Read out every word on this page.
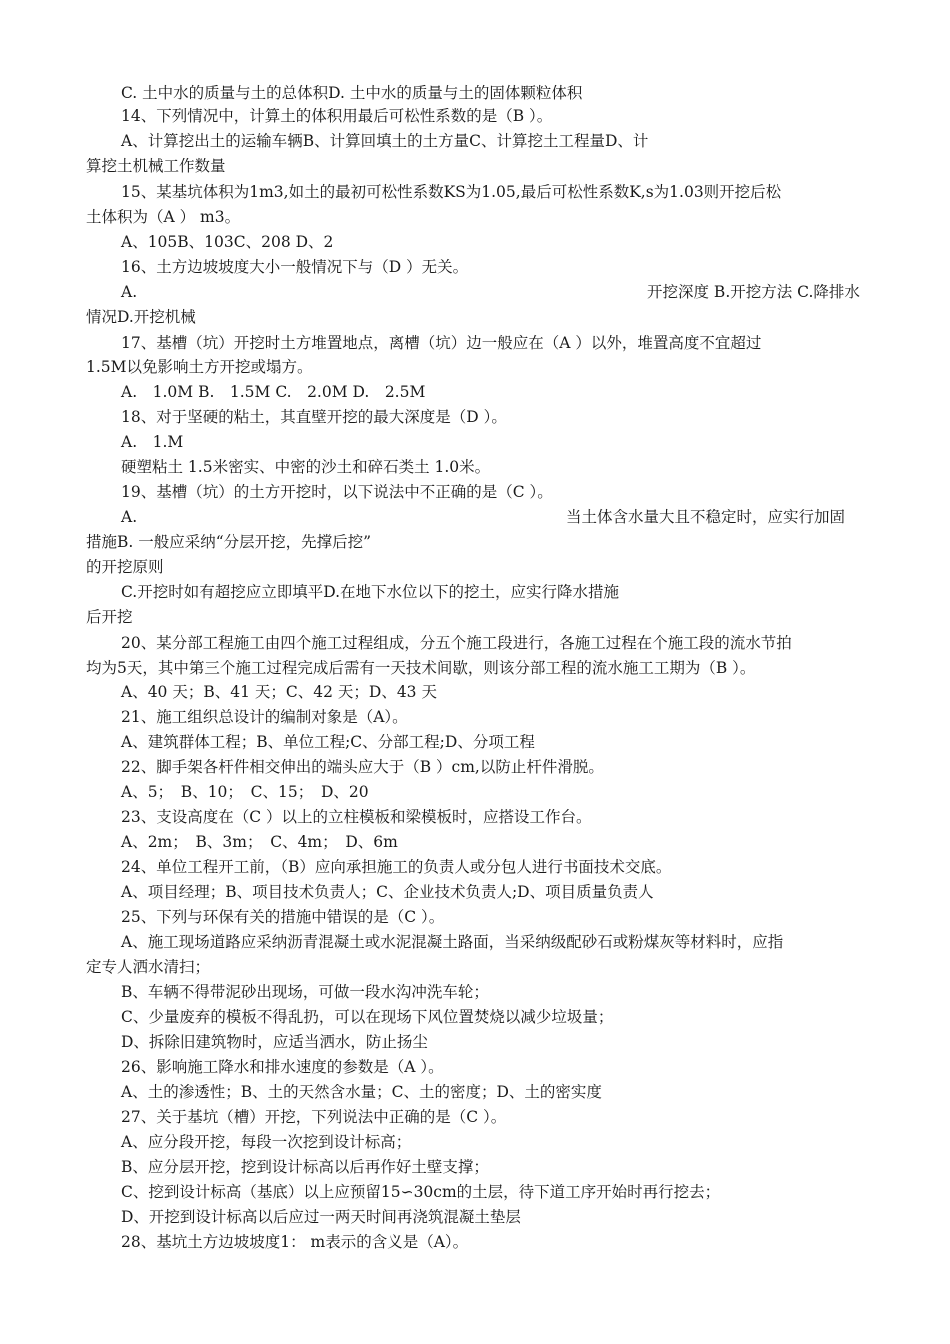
C. 土中水的质量与土的总体积D. 土中水的质量与土的固体颗粒体积
14、下列情况中，计算土的体积用最后可松性系数的是（B ）。
A、计算挖出土的运输车辆B、计算回填土的土方量C、计算挖土工程量D、计
算挖土机械工作数量
15、某基坑体积为1m3,如土的最初可松性系数KS为1.05,最后可松性系数K,s为1.03则开挖后松
土体积为（A ） m3。
A、105B、103C、208 D、2
16、土方边坡坡度大小一般情况下与（D ）无关。
A.	开挖深度 B.开挖方法 C.降排水
情况D.开挖机械
17、基槽（坑）开挖时土方堆置地点，离槽（坑）边一般应在（A ）以外，堆置高度不宜超过
1.5M以免影响土方开挖或塌方。
A.　1.0M B.　1.5M C.　2.0M D.　2.5M
18、对于坚硬的粘土，其直壁开挖的最大深度是（D ）。
A.　1.M
硬塑粘土 1.5米密实、中密的沙土和碎石类土 1.0米。
19、基槽（坑）的土方开挖时，以下说法中不正确的是（C ）。
A.	当土体含水量大且不稳定时，应实行加固
措施B. 一般应采纳“分层开挖，先撑后挖”
的开挖原则
C.开挖时如有超挖应立即填平D.在地下水位以下的挖土，应实行降水措施
后开挖
20、某分部工程施工由四个施工过程组成，分五个施工段进行，各施工过程在个施工段的流水节拍
均为5天，其中第三个施工过程完成后需有一天技术间歇，则该分部工程的流水施工工期为（B ）。
A、40 天；B、41 天；C、42 天；D、43 天
21、施工组织总设计的编制对象是（A）。
A、建筑群体工程；B、单位工程;C、分部工程;D、分项工程
22、脚手架各杆件相交伸出的端头应大于（B ）cm,以防止杆件滑脱。
A、5；　B、10；　C、15；　D、20
23、支设高度在（C ）以上的立柱模板和梁模板时，应搭设工作台。
A、2m；　B、3m；　C、4m；　D、6m
24、单位工程开工前，（B）应向承担施工的负责人或分包人进行书面技术交底。
A、项目经理；B、项目技术负责人；C、企业技术负责人;D、项目质量负责人
25、下列与环保有关的措施中错误的是（C ）。
A、施工现场道路应采纳沥青混凝土或水泥混凝土路面，当采纳级配砂石或粉煤灰等材料时，应指
定专人洒水清扫；
B、车辆不得带泥砂出现场，可做一段水沟冲洗车轮；
C、少量废弃的模板不得乱扔，可以在现场下风位置焚烧以减少垃圾量；
D、拆除旧建筑物时，应适当洒水，防止扬尘
26、影响施工降水和排水速度的参数是（A ）。
A、土的渗透性；B、土的天然含水量；C、土的密度；D、土的密实度
27、关于基坑（槽）开挖，下列说法中正确的是（C ）。
A、应分段开挖，每段一次挖到设计标高；
B、应分层开挖，挖到设计标高以后再作好土壁支撑；
C、挖到设计标高（基底）以上应预留15∽30cm的土层，待下道工序开始时再行挖去；
D、开挖到设计标高以后应过一两天时间再浇筑混凝土垫层
28、基坑土方边坡坡度1： m表示的含义是（A）。
